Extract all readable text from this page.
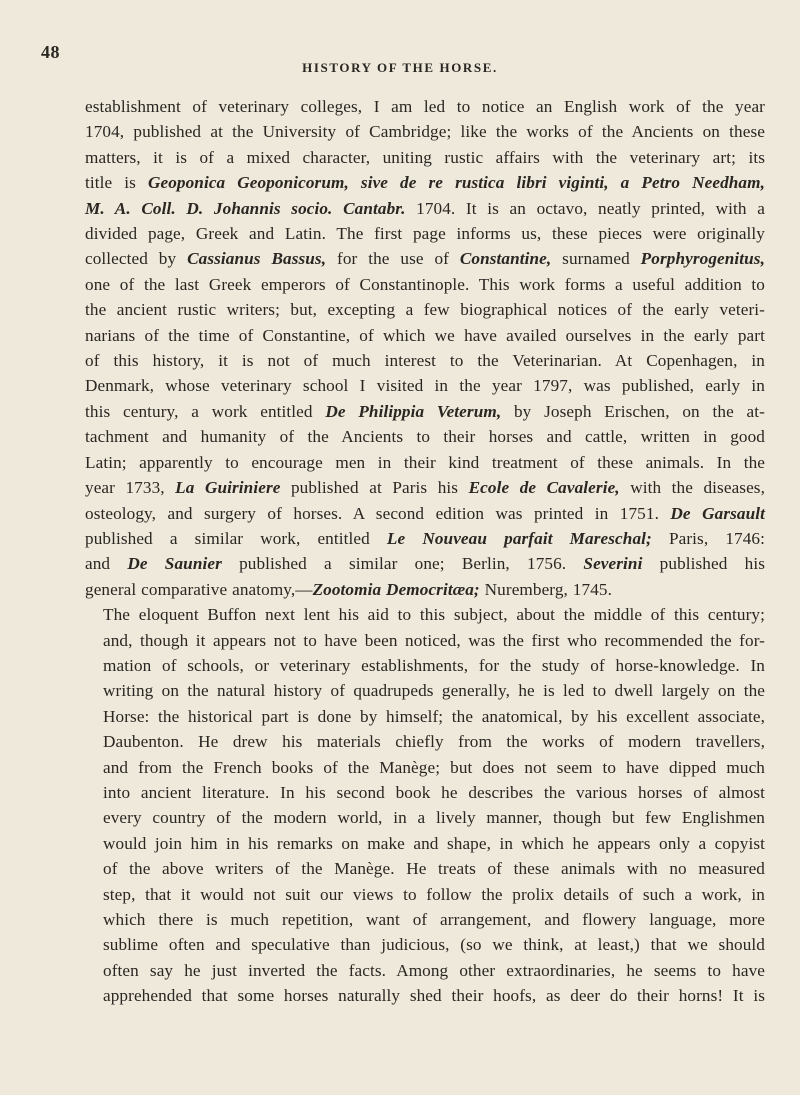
48
HISTORY OF THE HORSE.

establishment of veterinary colleges, I am led to notice an English work of the year
1704, published at the University of Cambridge; like the works of the Ancients on these
matters, it is of a mixed character, uniting rustic affairs with the veterinary art; its
title is Geoponica Geoponicorum, sive de re rustica libri viginti, a Petro Needham,
M. A. Coll. D. Johannis socio. Cantabr. 1704. It is an octavo, neatly printed, with a
divided page, Greek and Latin. The first page informs us, these pieces were originally
collected by Cassianus Bassus, for the use of Constantine, surnamed Porphyrogenitus,
one of the last Greek emperors of Constantinople. This work forms a useful addition to
the ancient rustic writers; but, excepting a few biographical notices of the early veteri-
narians of the time of Constantine, of which we have availed ourselves in the early part
of this history, it is not of much interest to the Veterinarian. At Copenhagen, in
Denmark, whose veterinary school I visited in the year 1797, was published, early in
this century, a work entitled De Philippia Veterum, by Joseph Erischen, on the at-
tachment and humanity of the Ancients to their horses and cattle, written in good
Latin; apparently to encourage men in their kind treatment of these animals. In the
year 1733, La Guiriniere published at Paris his Ecole de Cavalerie, with the diseases,
osteology, and surgery of horses. A second edition was printed in 1751. De Garsault
published a similar work, entitled Le Nouveau parfait Mareschal; Paris, 1746:
and De Saunier published a similar one; Berlin, 1756. Severini published his
general comparative anatomy,—Zootomia Democritæa; Nuremberg, 1745.

The eloquent Buffon next lent his aid to this subject, about the middle of this century;
and, though it appears not to have been noticed, was the first who recommended the for-
mation of schools, or veterinary establishments, for the study of horse-knowledge. In
writing on the natural history of quadrupeds generally, he is led to dwell largely on the
Horse: the historical part is done by himself; the anatomical, by his excellent associate,
Daubenton. He drew his materials chiefly from the works of modern travellers,
and from the French books of the Manège; but does not seem to have dipped much
into ancient literature. In his second book he describes the various horses of almost
every country of the modern world, in a lively manner, though but few Englishmen
would join him in his remarks on make and shape, in which he appears only a copyist
of the above writers of the Manège. He treats of these animals with no measured
step, that it would not suit our views to follow the prolix details of such a work, in
which there is much repetition, want of arrangement, and flowery language, more
sublime often and speculative than judicious, (so we think, at least,) that we should
often say he just inverted the facts. Among other extraordinaries, he seems to have
apprehended that some horses naturally shed their hoofs, as deer do their horns! It is
